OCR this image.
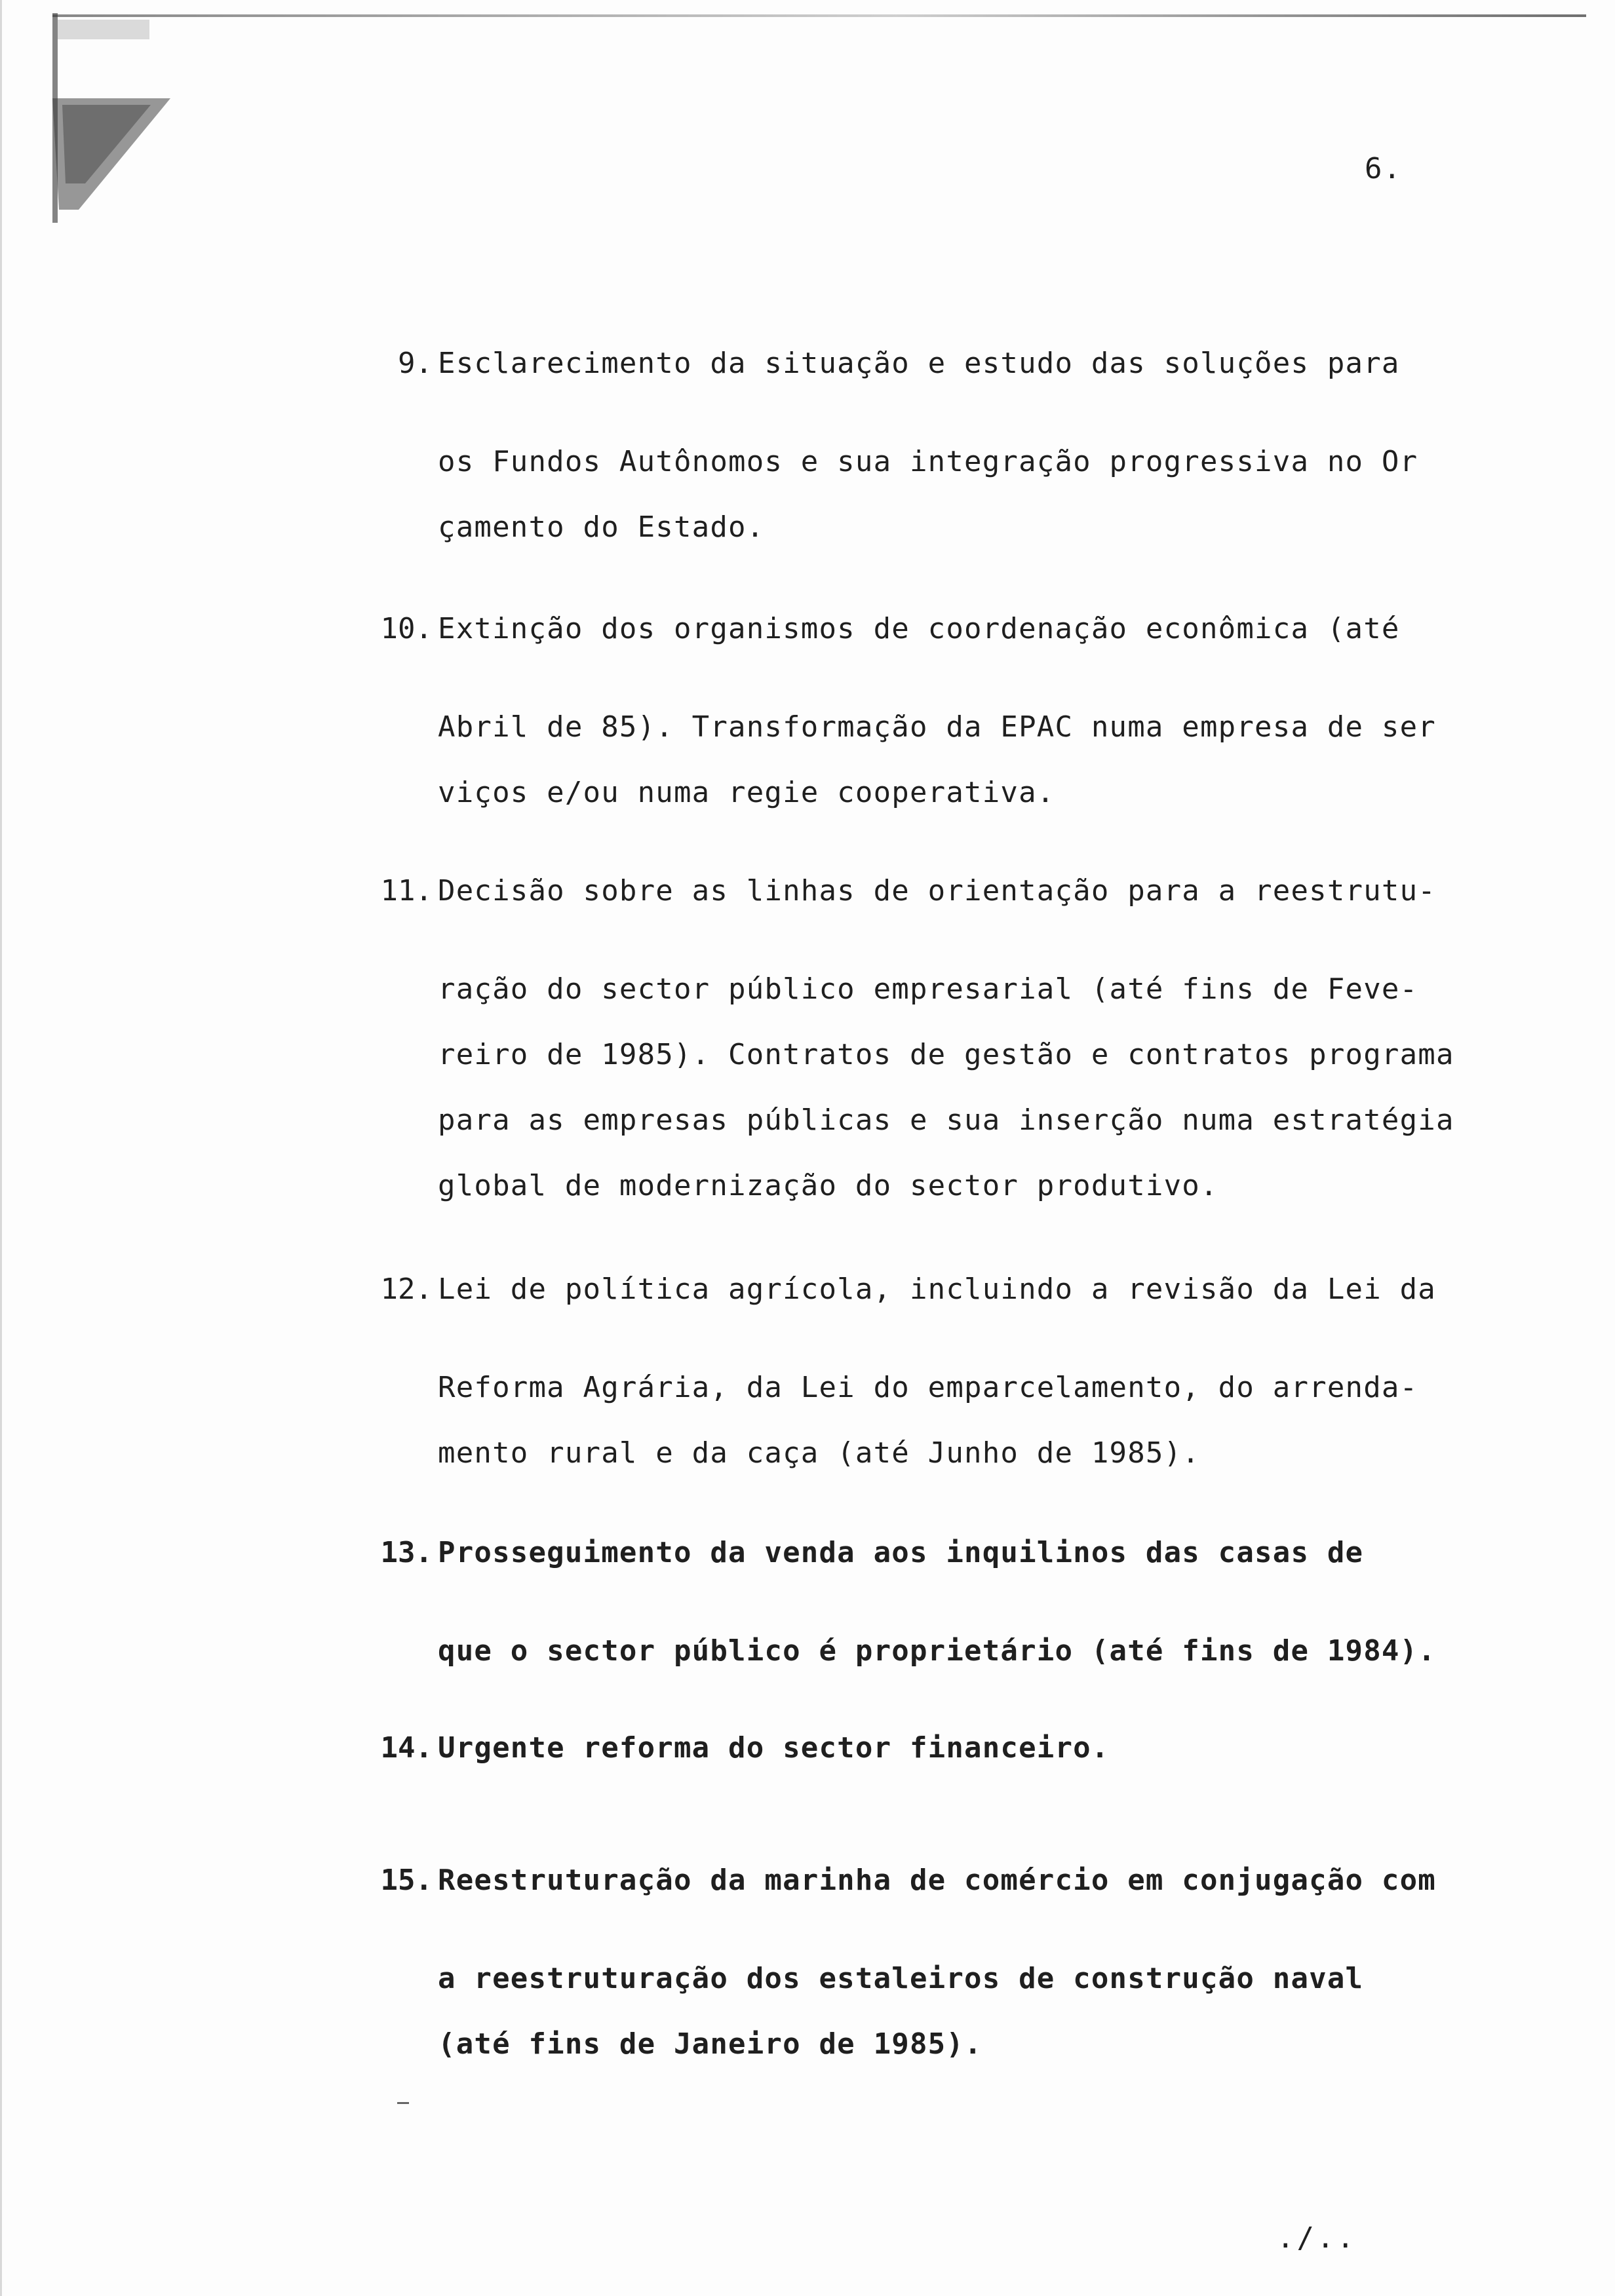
6.
9. Esclarecimento da situação e estudo das soluções para
os Fundos Autônomos e sua integração progressiva no Or
çamento do Estado.
10. Extinção dos organismos de coordenação econômica (até
Abril de 85). Transformação da EPAC numa empresa de ser
viços e/ou numa regie cooperativa.
11. Decisão sobre as linhas de orientação para a reestrutu-
ração do sector público empresarial (até fins de Feve-
reiro de 1985). Contratos de gestão e contratos programa
para as empresas públicas e sua inserção numa estratégia
global de modernização do sector produtivo.
12. Lei de política agrícola, incluindo a revisão da Lei da
Reforma Agrária, da Lei do emparcelamento, do arrenda-
mento rural e da caça (até Junho de 1985).
13. Prosseguimento da venda aos inquilinos das casas de
que o sector público é proprietário (até fins de 1984).
14. Urgente reforma do sector financeiro.
15. Reestruturação da marinha de comércio em conjugação com
a reestruturação dos estaleiros de construção naval
(até fins de Janeiro de 1985).
./..
